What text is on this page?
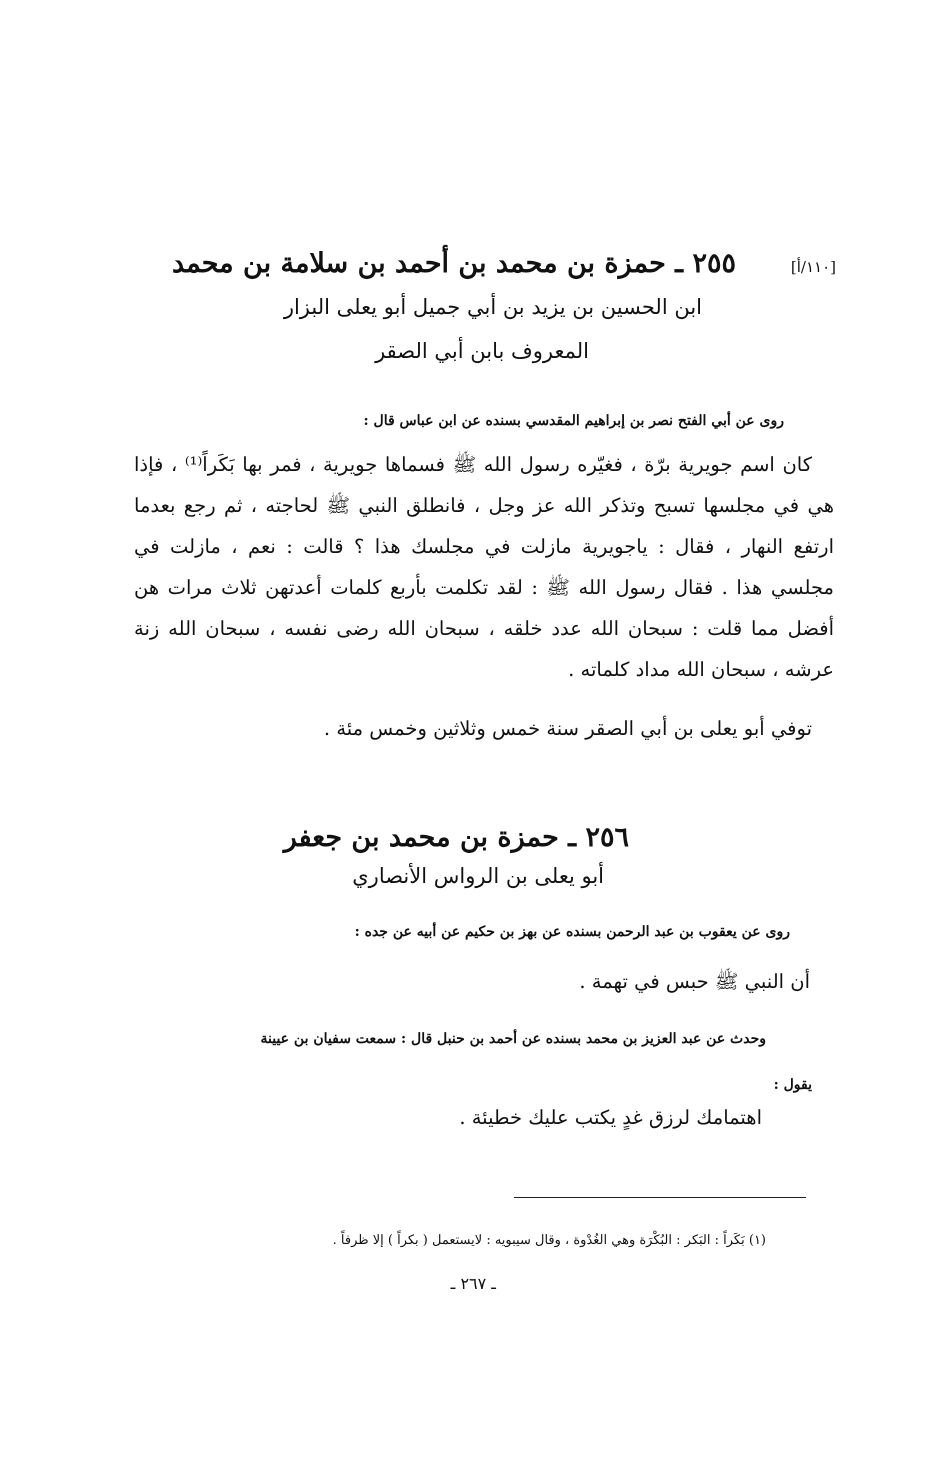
[١١٠/أ]
٢٥٥ ـ حمزة بن محمد بن أحمد بن سلامة بن محمد
ابن الحسين بن يزيد بن أبي جميل أبو يعلى البزار
المعروف بابن أبي الصقر
روى عن أبي الفتح نصر بن إبراهيم المقدسي بسنده عن ابن عباس قال :
كان اسم جويرية برّة ، فغيّره رسول الله ﷺ فسماها جويرية ، فمر بها بَكَراً⁽¹⁾ ، فإذا هي في مجلسها تسبح وتذكر الله عز وجل ، فانطلق النبي ﷺ لحاجته ، ثم رجع بعدما ارتفع النهار ، فقال : ياجويرية مازلت في مجلسك هذا ؟ قالت : نعم ، مازلت في مجلسي هذا . فقال رسول الله ﷺ : لقد تكلمت بأربع كلمات أعدتهن ثلاث مرات هن أفضل مما قلت : سبحان الله عدد خلقه ، سبحان الله رضى نفسه ، سبحان الله زنة عرشه ، سبحان الله مداد كلماته .
توفي أبو يعلى بن أبي الصقر سنة خمس وثلاثين وخمس مئة .
٢٥٦ ـ حمزة بن محمد بن جعفر
أبو يعلى بن الرواس الأنصاري
روى عن يعقوب بن عبد الرحمن بسنده عن بهز بن حكيم عن أبيه عن جده :
أن النبي ﷺ حبس في تهمة .
وحدث عن عبد العزيز بن محمد بسنده عن أحمد بن حنبل قال : سمعت سفيان بن عيينة
يقول :
اهتمامك لرزق غدٍ يكتب عليك خطيئة .
(١) بَكَراً : البَكر : البُكْرَة وهي الغُدْوة ، وقال سيبويه : لايستعمل ( بكراً ) إلا ظرفاً .
ـ ٢٦٧ ـ
